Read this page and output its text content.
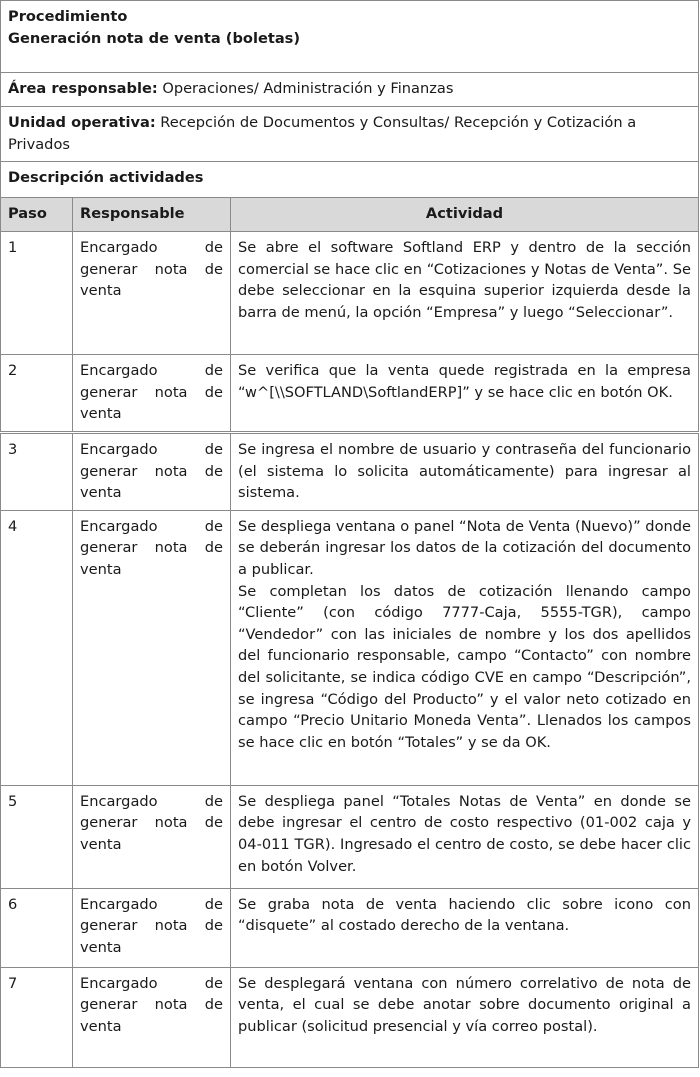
Procedimiento
Generación nota de venta (boletas)		

Área responsable: Operaciones/ Administración y Finanzas		
Unidad operativa: Recepción de Documentos y Consultas/ Recepción y Cotización a Privados		
Descripción actividades		
Paso	Responsable	Actividad
1	Encargado de generar nota de venta	Se abre el software Softland ERP y dentro de la sección comercial se hace clic en “Cotizaciones y Notas de Venta”. Se debe seleccionar en la esquina superior izquierda desde la barra de menú, la opción “Empresa” y luego “Seleccionar”.

2	Encargado de generar nota de venta	Se verifica que la venta quede registrada en la empresa “w^[\\SOFTLAND\SoftlandERP]” y se hace clic en botón OK.

3	Encargado de generar nota de venta	Se ingresa el nombre de usuario y contraseña del funcionario (el sistema lo solicita automáticamente) para ingresar al sistema.

4	Encargado de generar nota de venta	Se despliega ventana o panel “Nota de Venta (Nuevo)” donde se deberán ingresar los datos de la cotización del documento a publicar.

Se completan los datos de cotización llenando campo “Cliente” (con código 7777-Caja, 5555-TGR), campo “Vendedor” con las iniciales de nombre y los dos apellidos del funcionario responsable, campo “Contacto” con nombre del solicitante, se indica código CVE en campo “Descripción”, se ingresa “Código del Producto” y el valor neto cotizado en campo “Precio Unitario Moneda Venta”. Llenados los campos se hace clic en botón “Totales” y se da OK.

5	Encargado de generar nota de venta	Se despliega panel “Totales Notas de Venta” en donde se debe ingresar el centro de costo respectivo (01-002 caja y 04-011 TGR). Ingresado el centro de costo, se debe hacer clic en botón Volver.

6	Encargado de generar nota de venta	Se graba nota de venta haciendo clic sobre icono con “disquete” al costado derecho de la ventana.

7	Encargado de generar nota de venta	Se desplegará ventana con número correlativo de nota de venta, el cual se debe anotar sobre documento original a publicar (solicitud presencial y vía correo postal).
